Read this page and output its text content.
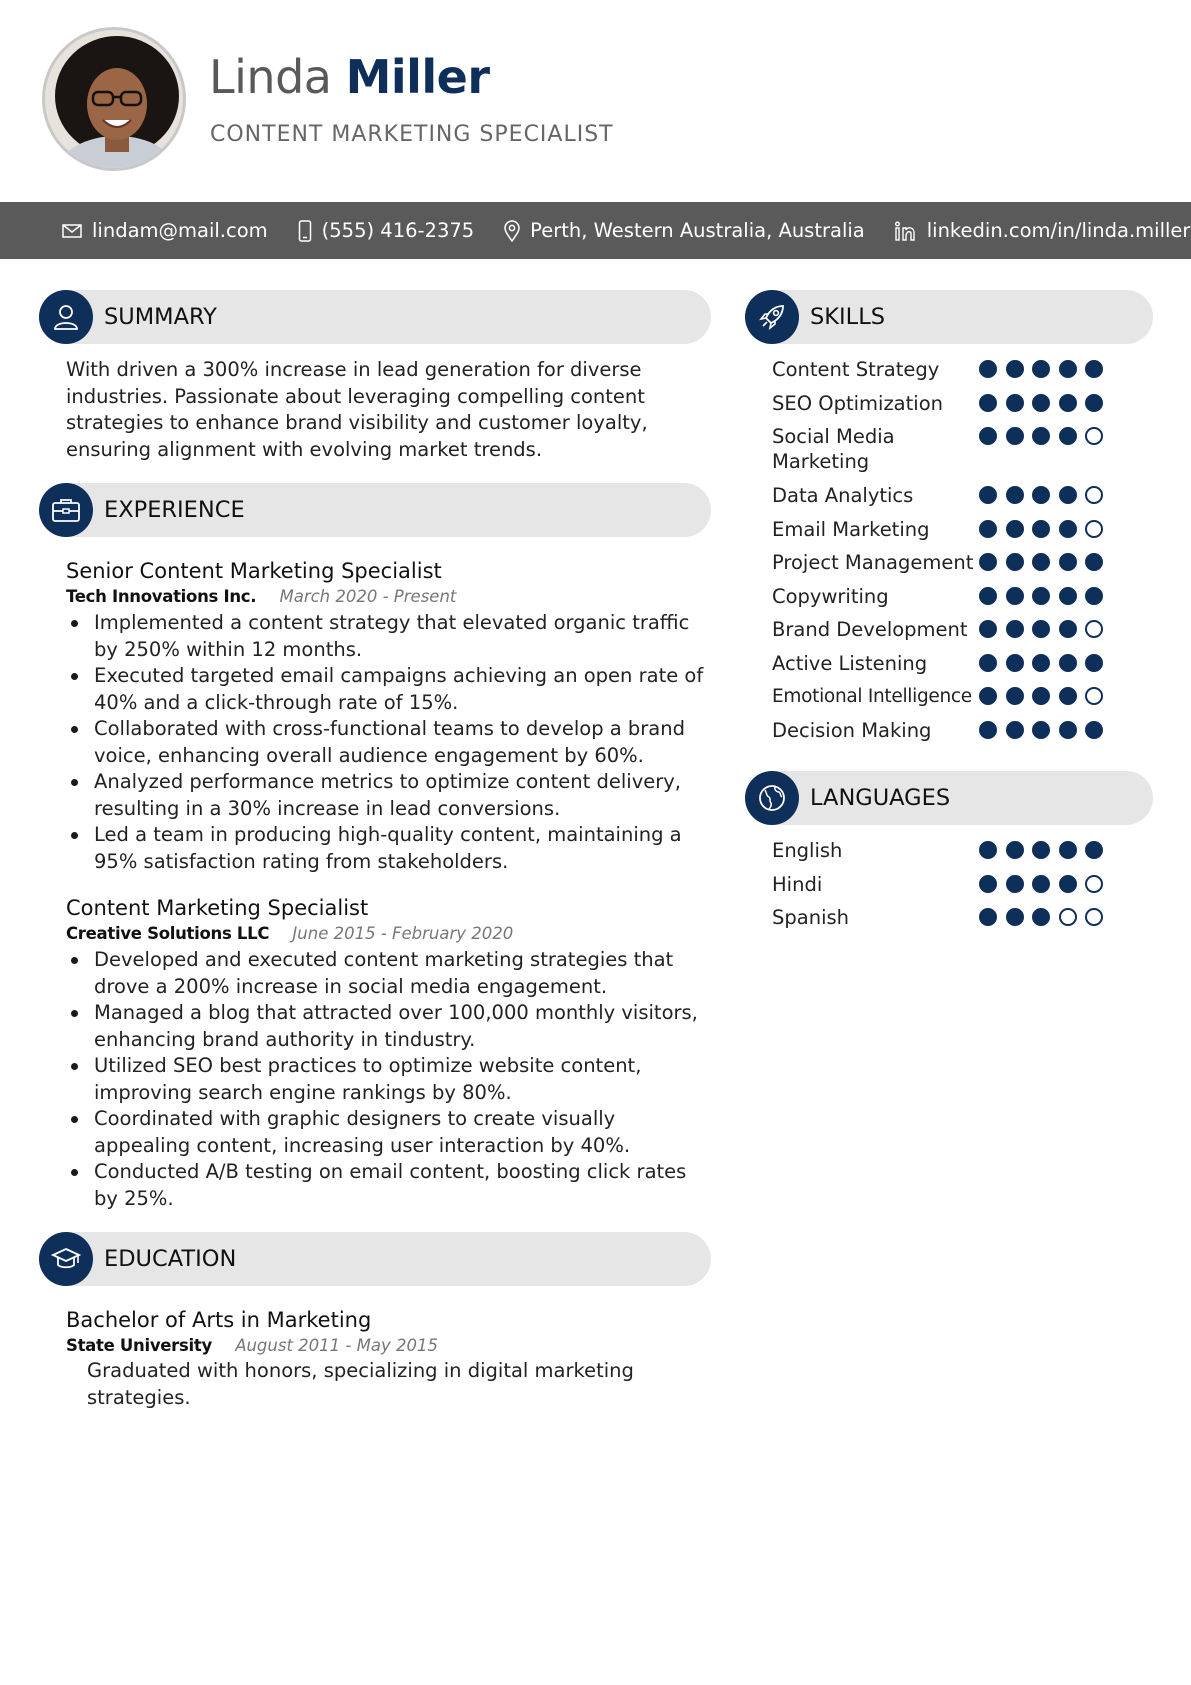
Linda Miller
CONTENT MARKETING SPECIALIST
lindam@mail.com	(555) 416-2375	Perth, Western Australia, Australia	linkedin.com/in/linda.miller
SUMMARY
With driven a 300% increase in lead generation for diverse industries. Passionate about leveraging compelling content strategies to enhance brand visibility and customer loyalty, ensuring alignment with evolving market trends.
EXPERIENCE
Senior Content Marketing Specialist
Tech Innovations Inc. March 2020 - Present
Implemented a content strategy that elevated organic traffic by 250% within 12 months.
Executed targeted email campaigns achieving an open rate of 40% and a click-through rate of 15%.
Collaborated with cross-functional teams to develop a brand voice, enhancing overall audience engagement by 60%.
Analyzed performance metrics to optimize content delivery, resulting in a 30% increase in lead conversions.
Led a team in producing high-quality content, maintaining a 95% satisfaction rating from stakeholders.
Content Marketing Specialist
Creative Solutions LLC June 2015 - February 2020
Developed and executed content marketing strategies that drove a 200% increase in social media engagement.
Managed a blog that attracted over 100,000 monthly visitors, enhancing brand authority in tindustry.
Utilized SEO best practices to optimize website content, improving search engine rankings by 80%.
Coordinated with graphic designers to create visually appealing content, increasing user interaction by 40%.
Conducted A/B testing on email content, boosting click rates by 25%.
EDUCATION
Bachelor of Arts in Marketing
State University August 2011 - May 2015
Graduated with honors, specializing in digital marketing strategies.
SKILLS
Content Strategy
SEO Optimization
Social Media Marketing
Data Analytics
Email Marketing
Project Management
Copywriting
Brand Development
Active Listening
Emotional Intelligence
Decision Making
LANGUAGES
English
Hindi
Spanish
